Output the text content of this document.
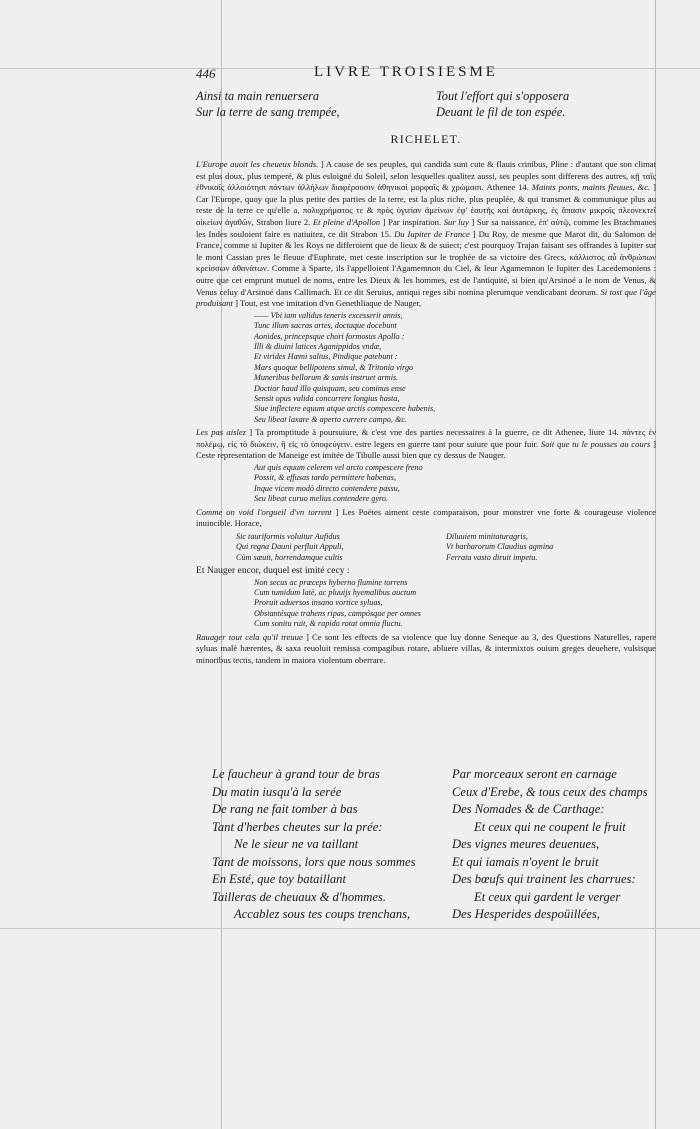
446	LIVRE TROISIESME
Ainsi ta main renuersera
Sur la terre de sang trempée,
Tout l'effort qui s'opposera
Deuant le fil de ton espée.
RICHELET.

L'Europe auoit les cheueux blonds. ] A cause de ses peuples, qui candida sunt cute & flauis crinibus, Pline : d'autant que son climat est plus doux, plus temperé, & plus esloigné du Soleil, selon lesquelles qualitez aussi, ses peuples sont differens des autres, κῇ ταῖς ἐθνικαῖς ἀλλοιότησι πάντων ἀλλήλων διαφέρουσιν ἀθηνικαὶ μορφαῖς & χρώμασι. Athenee 14. Maints ponts, maints fleuues, &c. ] Car l'Europe, quoy que la plus petite des parties de la terre, est la plus riche, plus peuplée, & qui transmet & communique plus au reste de la terre ce qu'elle a, πολυχρήματος τε & πρὸς ὑγιείαν ἀμείνων ἐφ' ἑαυτῆς καὶ ἀυτάρκης, ἐς ἅπασιν μικροῖς πλεονεκτεῖ οἰκείων ἀγαθῶν, Strabon liure 2. Et pleine d'Apollon ] Par inspiration. Sur luy ] Sur sa naissance, ἐπ' αὐτῷ, comme les Brachmanes les Indes souloient faire es natiuitez, ce dit Strabon 15. Du Iupiter de France ] Du Roy, de mesme que Marot dit, du Salomon de France, comme si Iupiter & les Roys ne differoient que de lieux & de suiect; c'est pourquoy Trajan faisant ses offrandes à Iupiter sur le mont Cassian pres le fleuue d'Euphrate, met ceste inscription sur le trophée de sa victoire des Grecs, κάλλιστος αὖ ἀνθρώπων κρείσσων ἀθανάτων. Comme à Sparte, ils l'appelloient l'Agamemnon du Ciel, & leur Agamemnon le Iupiter des Lacedemoniens : outre que cet emprunt mutuel de noms, entre les Dieux & les hommes, est de l'antiquité, si bien qu'Arsinoé a le nom de Venus, & Venus celuy d'Arsinoé dans Callimach. Et ce dit Seruius, antiqui reges sibi nomina plerumque vendicabant deorum. Si tost que l'âge produisant ] Tout, est vne imitation d'vn Genethliaque de Nauger,

—— Vbi iam validus teneris excesserit annis,
Tunc illum sacras artes, doctaque docebunt
Aonides, princepsque chori formosus Apollo :
Illi & diuini latices Aganippidos vndæ,
Et virides Hæmi saltus, Pindique patebunt :
Mars quoque bellipotens simul, & Tritonia virgo
Muneribus bellorum & sanis instruet armis.
Doctior haud illo quisquam, seu cominus ense
Sensit opus valida concurrere longius hasta,
Siue inflectere equum atque arctis compescere habenis,
Seu libeat laxare & aperto currere campo, &c.

Les pas aislez ] Ta promptitude à poursuiure, & c'est vne des parties necessaires à la guerre, ce dit Athenee, liure 14. πάντες ἐν πολέμῳ, εἰς τὸ διώκειν, ἢ εἰς τὸ ὑποφεύγειν. estre legers en guerre tant pour suiure que pour fuir. Soit que tu le pousses au cours ] Ceste representation de Maneige est imitée de Tibulle aussi bien que cy dessus de Nauger.

Aut quis equum celerem vel arcto compescere freno
Possit, & effusas tardo permittere habenas,
Inque vicem modò directo contendere passu,
Seu libeat curuo melius contendere gyro.

Comme on void l'orgueil d'vn torrent ] Les Poëtes aiment ceste comparaison, pour monstrer vne forte & courageuse violence inuincible. Horace,

Sic tauriformis voluitur Aufidus
Qui regna Dauni perfluit Appuli,
Cùm sæuit, horrendamque cultis
Diluuiem minitaturagris,
Vt barbarorum Claudius agmina
Ferrata vasto diruit impetu.

Et Nauger encor, duquel est imité cecy :

Non secus ac præceps hyberno flumine torrens
Cum tumidum latè, ac pluuijs hyemalibus auctum
Proruit aduersos insano vortice syluas,
Obstantésque trahens ripas, campósque per omnes
Cum sonitu ruit, & rapido rotat omnia fluctu.

Rauager tout cela qu'il treuue ] Ce sont les effects de sa violence que luy donne Seneque au 3, des Questions Naturelles, rapere syluas malè hærentes, & saxa reuoluit remissa compagibus rotare, abluere villas, & intermixtos ouium greges deuehere, vulsisque minoribus tectis, tandem in maiora violentum oberrare.

Le faucheur à grand tour de bras
Du matin iusqu'à la serée
De rang ne fait tomber à bas
Tant d'herbes cheutes sur la prée:
Ne le sieur ne va taillant
Tant de moissons, lors que nous sommes
En Esté, que toy bataillant
Tailleras de cheuaux & d'hommes.
Accablez sous tes coups trenchans,
Par morceaux seront en carnage
Ceux d'Erebe, & tous ceux des champs
Des Nomades & de Carthage:
Et ceux qui ne coupent le fruit
Des vignes meures deuenues,
Et qui iamais n'oyent le bruit
Des bœufs qui trainent les charrues:
Et ceux qui gardent le verger
Des Hesperides despoüillées,
